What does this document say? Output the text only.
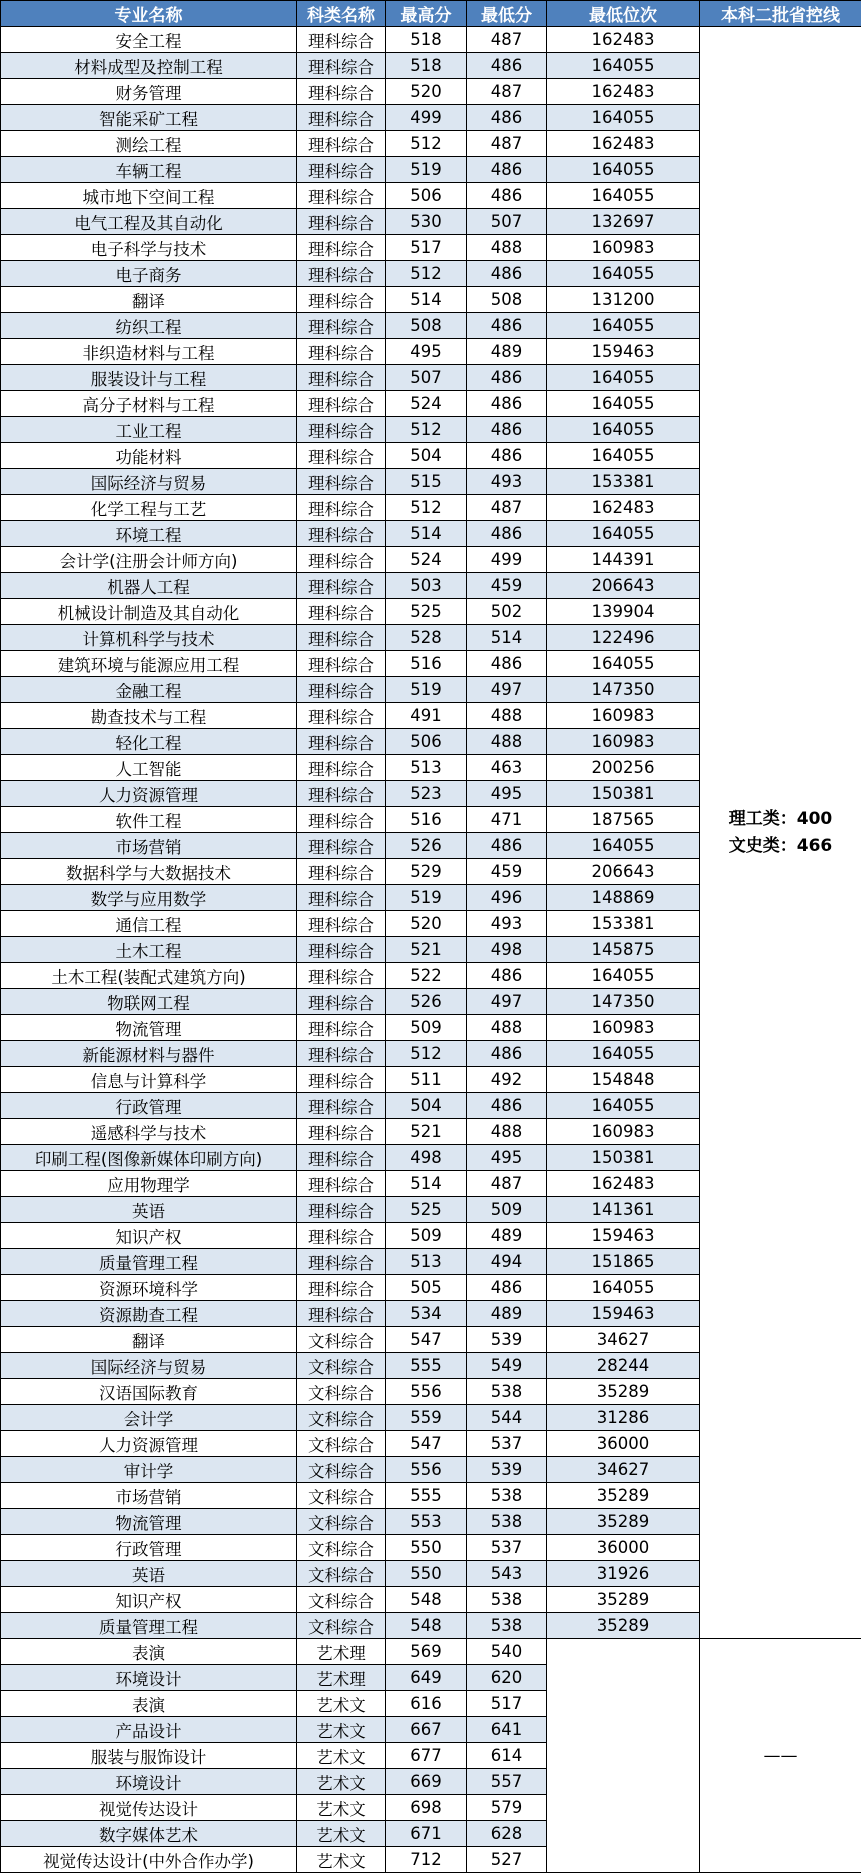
专业名称	科类名称	最高分	最低分	最低位次	本科二批省控线
安全工程	理科综合	518	487	162483	理工类：400
文史类：466

材料成型及控制工程	理科综合	518	486	164055	
财务管理	理科综合	520	487	162483	
智能采矿工程	理科综合	499	486	164055	
测绘工程	理科综合	512	487	162483	
车辆工程	理科综合	519	486	164055	
城市地下空间工程	理科综合	506	486	164055	
电气工程及其自动化	理科综合	530	507	132697	
电子科学与技术	理科综合	517	488	160983	
电子商务	理科综合	512	486	164055	
翻译	理科综合	514	508	131200	
纺织工程	理科综合	508	486	164055	
非织造材料与工程	理科综合	495	489	159463	
服装设计与工程	理科综合	507	486	164055	
高分子材料与工程	理科综合	524	486	164055	
工业工程	理科综合	512	486	164055	
功能材料	理科综合	504	486	164055	
国际经济与贸易	理科综合	515	493	153381	
化学工程与工艺	理科综合	512	487	162483	
环境工程	理科综合	514	486	164055	
会计学(注册会计师方向)	理科综合	524	499	144391	
机器人工程	理科综合	503	459	206643	
机械设计制造及其自动化	理科综合	525	502	139904	
计算机科学与技术	理科综合	528	514	122496	
建筑环境与能源应用工程	理科综合	516	486	164055	
金融工程	理科综合	519	497	147350	
勘查技术与工程	理科综合	491	488	160983	
轻化工程	理科综合	506	488	160983	
人工智能	理科综合	513	463	200256	
人力资源管理	理科综合	523	495	150381	
软件工程	理科综合	516	471	187565	
市场营销	理科综合	526	486	164055	
数据科学与大数据技术	理科综合	529	459	206643	
数学与应用数学	理科综合	519	496	148869	
通信工程	理科综合	520	493	153381	
土木工程	理科综合	521	498	145875	
土木工程(装配式建筑方向)	理科综合	522	486	164055	
物联网工程	理科综合	526	497	147350	
物流管理	理科综合	509	488	160983	
新能源材料与器件	理科综合	512	486	164055	
信息与计算科学	理科综合	511	492	154848	
行政管理	理科综合	504	486	164055	
遥感科学与技术	理科综合	521	488	160983	
印刷工程(图像新媒体印刷方向)	理科综合	498	495	150381	
应用物理学	理科综合	514	487	162483	
英语	理科综合	525	509	141361	
知识产权	理科综合	509	489	159463	
质量管理工程	理科综合	513	494	151865	
资源环境科学	理科综合	505	486	164055	
资源勘查工程	理科综合	534	489	159463	
翻译	文科综合	547	539	34627	
国际经济与贸易	文科综合	555	549	28244	
汉语国际教育	文科综合	556	538	35289	
会计学	文科综合	559	544	31286	
人力资源管理	文科综合	547	537	36000	
审计学	文科综合	556	539	34627	
市场营销	文科综合	555	538	35289	
物流管理	文科综合	553	538	35289	
行政管理	文科综合	550	537	36000	
英语	文科综合	550	543	31926	
知识产权	文科综合	548	538	35289	
质量管理工程	文科综合	548	538	35289	
表演	艺术理	569	540		——
环境设计	艺术理	649	620		
表演	艺术文	616	517		
产品设计	艺术文	667	641		
服装与服饰设计	艺术文	677	614		
环境设计	艺术文	669	557		
视觉传达设计	艺术文	698	579		
数字媒体艺术	艺术文	671	628		
视觉传达设计(中外合作办学)	艺术文	712	527		
